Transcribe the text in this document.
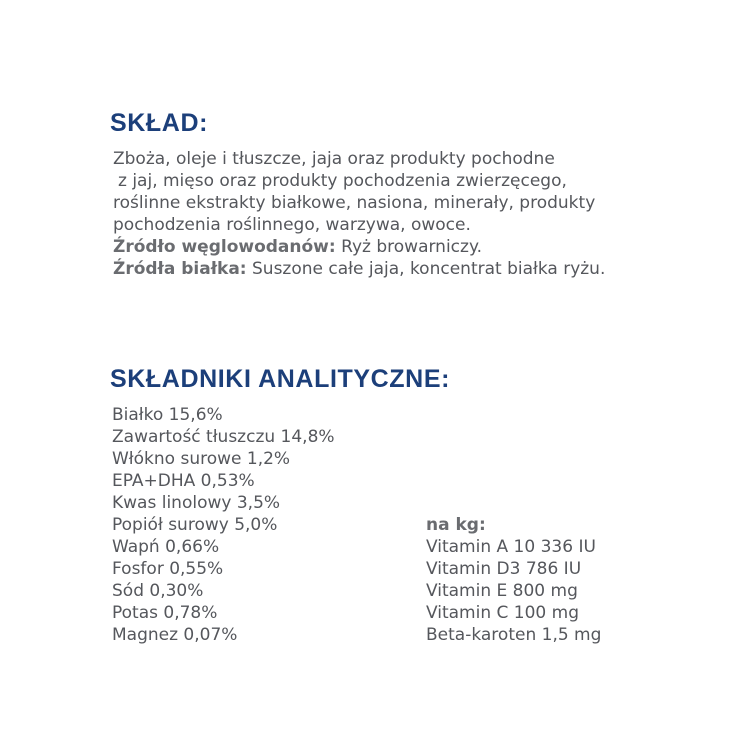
SKŁAD:
Zboża, oleje i tłuszcze, jaja oraz produkty pochodne
z jaj, mięso oraz produkty pochodzenia zwierzęcego,
roślinne ekstrakty białkowe, nasiona, minerały, produkty
pochodzenia roślinnego, warzywa, owoce.
Źródło węglowodanów: Ryż browarniczy.
Źródła białka: Suszone całe jaja, koncentrat białka ryżu.
SKŁADNIKI ANALITYCZNE:
Białko 15,6%
Zawartość tłuszczu 14,8%
Włókno surowe 1,2%
EPA+DHA 0,53%
Kwas linolowy 3,5%
Popiół surowy 5,0%
Wapń 0,66%
Fosfor 0,55%
Sód 0,30%
Potas 0,78%
Magnez 0,07%
na kg:
Vitamin A 10 336 IU
Vitamin D3 786 IU
Vitamin E 800 mg
Vitamin C 100 mg
Beta-karoten 1,5 mg
